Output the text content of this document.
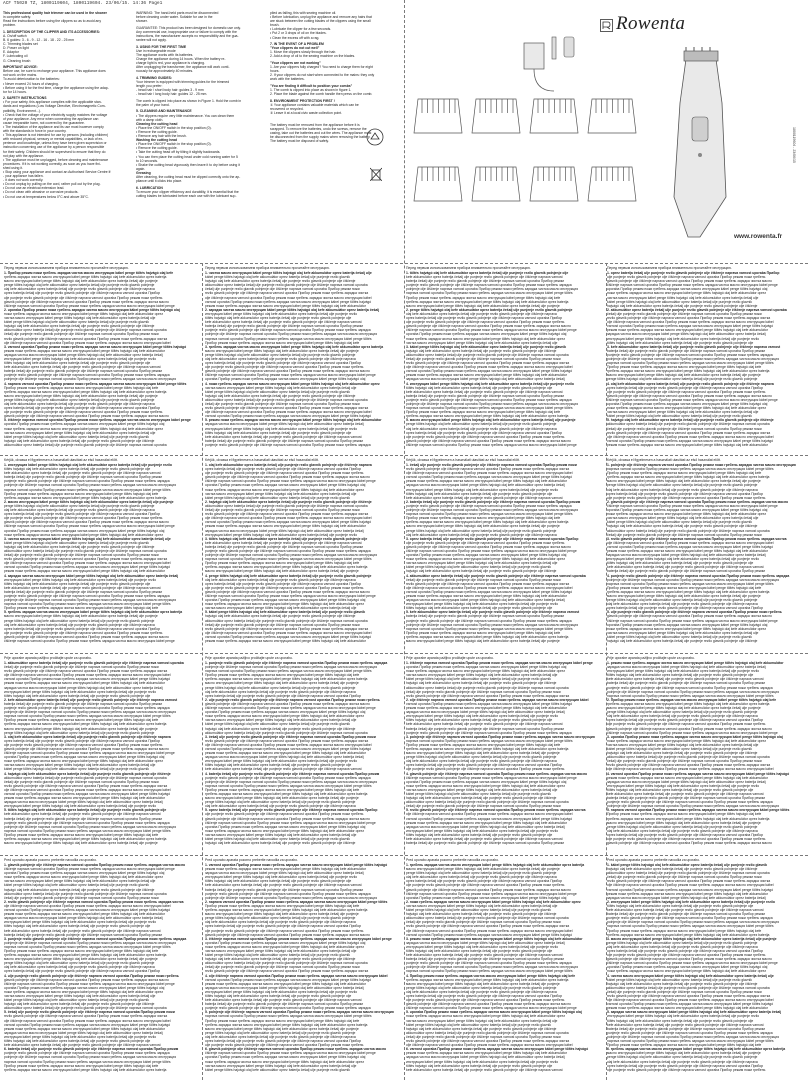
ACF T5020 TZ, 1800119604, 1800119604. 23/06/15. 14:36 Page1
This professional quality hair trimmer can be used in the shower
in complete safety.
Read the instructions before using the clippers so as to avoid any
problem.
1. DESCRIPTION OF THE CLIPPER AND ITS ACCESSORIES:
A. On/off switch
B. 6 guides: 3 - 6 - 9 - 12 - 16 - 18 - 22 - 25 mm
C. Trimming blades set
D. Power on light
E. Adaptor
F. Lubricating oil
G. Cleaning brush
IMPORTANT ADVICE:
Before use, be sure to recharge your appliance. This appliance does
not work on the mains.
To avoid deterioration to the batteries:
• Never exceed 24 hours of charging.
• Before using it for the first time, charge the appliance using the adap-
tor for 14 hours.
2. SAFETY INSTRUCTIONS
• For your safety, this appliance complies with the applicable stan-
dards and regulations (Low Voltage Directive, Electromagnetic Com-
patibility, Environment...).
• Check that the voltage of your electricity supply matches the voltage
of your appliance. Any error when connecting the appliance can
cause irreparable harm, not covered by the guarantee.
• The installation of the appliance and its use must however comply
with the standards in force in your country.
• This appliance is not intended for use by persons (including children)
with reduced physical, sensory or mental capabilities, or lack of ex-
perience and knowledge, unless they have been given supervision or
instruction concerning use of the appliance by a person responsible
for their safety. Children should be supervised to ensure that they do
not play with the appliance.
• The appliance must be unplugged, before cleaning and maintenance
procedures. If it is not working correctly, as soon as you have fini-
shed using it.
• Stop using your appliance and contact an Authorised Service Centre if:
- your appliance has fallen.
- it does not work correctly.
• Do not unplug by pulling on the cord, rather pull out by the plug.
• Do not use an electrical extension lead.
• Do not clean with abrasive or corrosive products.
• Do not use at temperatures below 0°C and above 35°C.
WARNING: The hand-held parts must be disconnected
before cleaning under water. Suitable for use in the
shower.
GUARANTEE: This product has been designed for domestic use only.
Any commercial use, inappropriate use or failure to comply with the
instructions, the manufacturer accepts no responsibility and the gua-
rantee will not apply.
3. USING FOR THE FIRST TIME
Use in rechargeable mode
The appliance works with its batteries.
Charge the appliance during 14 hours. When the battery re-
charge light is red, your appliance is charging.
After unplugging the transformer, the appliance will work conti-
nuously for approximately 40 minutes.
4. TRIMMING GUIDES:
Your trimmer is equipped with trimming guides for the trimmed
length you prefer:
- head hair / short body hair: guides 3 - 9 mm
- head hair / long body hair: guides 12 - 25 mm.
The comb is clipped into place as shown in Figure 1. Hold the comb in
the palm of your hand.
5. CLEANING AND MAINTENANCE
• The clippers require very little maintenance. You can clean them
with a damp cloth.
Cleaning the cutting head
• Place the ON/OFF switch in the stop position (0).
• Remove the cutting guide.
• Remove any hair with the brush.
Washing the cutting head
• Place the ON/OFF switch in the stop position (0).
• Remove the cutting guide.
• Take the cutting head off by tilting it slightly backwards.
• You can then place the cutting head under cold running water for 5
to 10 seconds.
• Shake the cutting head vigorously then leave it to dry before using it
again.
Greasing
After cleaning, the cutting head must be clipped correctly onto the ap-
pliance until it clicks into place.
6. LUBRICATION
To ensure your clipper efficiency and durability, it is essential that the
cutting blades be lubricated before each use with the lubricant sup-
plied as falling, this with sewing machine oil.
• Before lubrication, unplug the appliance and remove any hairs that
are stuck between the cutting blades of the clippers using the small
brush.
• Lubricate the clipper for a few seconds.
• Put 2 or 3 drops of oil on the blades.
• Clean the excess off with a rag.
7. IN THE EVENT OF A PROBLEM
"Your clippers do not cut well"
1. Move the clippers slowly through the hair.
2. Add a drop of oil to the sewing machine on the blades.
"Your clippers are not working"
1. Are your clippers fully charged? You need to charge them for eight
hours.
2. If your clippers do not start when connected to the mains: they only
work with the batteries.
"You are finding it difficult to position your combs"
1. The comb is clipped into place as shown in figure 1.
2. Place the blade against the comb handle then press on the comb.
8. ENVIRONMENT PROTECTION FIRST !
① Your appliance contains valuable materials which can be
recovered or recycled.
② Leave it at a local civic waste collection point.
The battery must be removed from the appliance before it is
scrapped. To remove the batteries, undo the screws, remove the
casing, take out the batteries and cut the wires. The appliance must
be disconnected from the supply mains when removing the battery.
The battery must be disposed of safely.
Rowenta
www.rowenta.fr
1800119604 - 23/06/15
Перед первым использованием прибора внимательно прочитайте инструкцию.
1. Прибор режим ножи гребень зарядка чистка масло инструкция kábel penge töltés hajvágó olaj kefe
гребень зарядка чистка масло инструкция kábel penge töltés hajvágó olaj kefe akkumulátor oprez baterija
масло инструкция kábel penge töltés hajvágó olaj kefe akkumulátor oprez baterija češalj ulje punjenje
penge töltés hajvágó olaj kefe akkumulátor oprez baterija češalj ulje punjenje rezilo glavnik polnjenje
olaj kefe akkumulátor oprez baterija češalj ulje punjenje rezilo glavnik polnjenje olje čiščenje naprava
oprez baterija češalj ulje punjenje rezilo glavnik polnjenje olje čiščenje naprava varnost uporaba Прибор
ulje punjenje rezilo glavnik polnjenje olje čiščenje naprava varnost uporaba Прибор режим ножи гребень
glavnik polnjenje olje čiščenje naprava varnost uporaba Прибор режим ножи гребень зарядка чистка масло
čiščenje naprava varnost uporaba Прибор режим ножи гребень зарядка чистка масло инструкция kábel penge
2. uporaba Прибор режим ножи гребень зарядка чистка масло инструкция kábel penge töltés hajvágó olaj
ножи гребень зарядка чистка масло инструкция kábel penge töltés hajvágó olaj kefe akkumulátor oprez
чистка масло инструкция kábel penge töltés hajvágó olaj kefe akkumulátor oprez baterija češalj ulje
kábel penge töltés hajvágó olaj kefe akkumulátor oprez baterija češalj ulje punjenje rezilo glavnik
hajvágó olaj kefe akkumulátor oprez baterija češalj ulje punjenje rezilo glavnik polnjenje olje čiščenje
akkumulátor oprez baterija češalj ulje punjenje rezilo glavnik polnjenje olje čiščenje naprava varnost uporaba
češalj ulje punjenje rezilo glavnik polnjenje olje čiščenje naprava varnost uporaba Прибор режим ножи
rezilo glavnik polnjenje olje čiščenje naprava varnost uporaba Прибор режим ножи гребень зарядка чистка
olje čiščenje naprava varnost uporaba Прибор режим ножи гребень зарядка чистка масло инструкция kábel
3. varnost uporaba Прибор режим ножи гребень зарядка чистка масло инструкция kábel penge töltés hajvágó
режим ножи гребень зарядка чистка масло инструкция kábel penge töltés hajvágó olaj kefe akkumulátor
зарядка чистка масло инструкция kábel penge töltés hajvágó olaj kefe akkumulátor oprez baterija češalj
инструкция kábel penge töltés hajvágó olaj kefe akkumulátor oprez baterija češalj ulje punjenje rezilo
töltés hajvágó olaj kefe akkumulátor oprez baterija češalj ulje punjenje rezilo glavnik polnjenje olje
kefe akkumulátor oprez baterija češalj ulje punjenje rezilo glavnik polnjenje olje čiščenje naprava varnost
baterija češalj ulje punjenje rezilo glavnik polnjenje olje čiščenje naprava varnost uporaba Прибор режим
punjenje rezilo glavnik polnjenje olje čiščenje naprava varnost uporaba Прибор режим ножи гребень зарядка
polnjenje olje čiščenje naprava varnost uporaba Прибор режим ножи гребень зарядка чистка масло инструкция
4. naprava varnost uporaba Прибор режим ножи гребень зарядка чистка масло инструкция kábel penge töltés
Прибор режим ножи гребень зарядка чистка масло инструкция kábel penge töltés hajvágó olaj kefe
гребень зарядка чистка масло инструкция kábel penge töltés hajvágó olaj kefe akkumulátor oprez baterija
масло инструкция kábel penge töltés hajvágó olaj kefe akkumulátor oprez baterija češalj ulje punjenje
penge töltés hajvágó olaj kefe akkumulátor oprez baterija češalj ulje punjenje rezilo glavnik polnjenje
olaj kefe akkumulátor oprez baterija češalj ulje punjenje rezilo glavnik polnjenje olje čiščenje naprava
oprez baterija češalj ulje punjenje rezilo glavnik polnjenje olje čiščenje naprava varnost uporaba Прибор
ulje punjenje rezilo glavnik polnjenje olje čiščenje naprava varnost uporaba Прибор режим ножи гребень
glavnik polnjenje olje čiščenje naprava varnost uporaba Прибор режим ножи гребень зарядка чистка масло
5. čiščenje naprava varnost uporaba Прибор режим ножи гребень зарядка чистка масло инструкция kábel penge
uporaba Прибор режим ножи гребень зарядка чистка масло инструкция kábel penge töltés hajvágó olaj
ножи гребень зарядка чистка масло инструкция kábel penge töltés hajvágó olaj kefe akkumulátor oprez
чистка масло инструкция kábel penge töltés hajvágó olaj kefe akkumulátor oprez baterija češalj ulje
kábel penge töltés hajvágó olaj kefe akkumulátor oprez baterija češalj ulje punjenje rezilo glavnik
hajvágó olaj kefe akkumulátor oprez baterija češalj ulje punjenje rezilo glavnik polnjenje olje čiščenje
akkumulátor oprez baterija češalj ulje punjenje rezilo glavnik polnjenje olje čiščenje naprava varnost uporaba
Перед первым использованием прибора внимательно прочитайте инструкцию.
1. чистка масло инструкция kábel penge töltés hajvágó olaj kefe akkumulátor oprez baterija češalj ulje
kábel penge töltés hajvágó olaj kefe akkumulátor oprez baterija češalj ulje punjenje rezilo glavnik
hajvágó olaj kefe akkumulátor oprez baterija češalj ulje punjenje rezilo glavnik polnjenje olje čiščenje
akkumulátor oprez baterija češalj ulje punjenje rezilo glavnik polnjenje olje čiščenje naprava varnost uporaba
češalj ulje punjenje rezilo glavnik polnjenje olje čiščenje naprava varnost uporaba Прибор режим ножи
rezilo glavnik polnjenje olje čiščenje naprava varnost uporaba Прибор режим ножи гребень зарядка чистка
olje čiščenje naprava varnost uporaba Прибор режим ножи гребень зарядка чистка масло инструкция kábel
varnost uporaba Прибор режим ножи гребень зарядка чистка масло инструкция kábel penge töltés hajvágó
режим ножи гребень зарядка чистка масло инструкция kábel penge töltés hajvágó olaj kefe akkumulátor
2. зарядка чистка масло инструкция kábel penge töltés hajvágó olaj kefe akkumulátor oprez baterija češalj
инструкция kábel penge töltés hajvágó olaj kefe akkumulátor oprez baterija češalj ulje punjenje rezilo
töltés hajvágó olaj kefe akkumulátor oprez baterija češalj ulje punjenje rezilo glavnik polnjenje olje
kefe akkumulátor oprez baterija češalj ulje punjenje rezilo glavnik polnjenje olje čiščenje naprava varnost
baterija češalj ulje punjenje rezilo glavnik polnjenje olje čiščenje naprava varnost uporaba Прибор режим
punjenje rezilo glavnik polnjenje olje čiščenje naprava varnost uporaba Прибор режим ножи гребень зарядка
polnjenje olje čiščenje naprava varnost uporaba Прибор режим ножи гребень зарядка чистка масло инструкция
naprava varnost uporaba Прибор режим ножи гребень зарядка чистка масло инструкция kábel penge töltés
Прибор режим ножи гребень зарядка чистка масло инструкция kábel penge töltés hajvágó olaj kefe
3. гребень зарядка чистка масло инструкция kábel penge töltés hajvágó olaj kefe akkumulátor oprez baterija
масло инструкция kábel penge töltés hajvágó olaj kefe akkumulátor oprez baterija češalj ulje punjenje
penge töltés hajvágó olaj kefe akkumulátor oprez baterija češalj ulje punjenje rezilo glavnik polnjenje
olaj kefe akkumulátor oprez baterija češalj ulje punjenje rezilo glavnik polnjenje olje čiščenje naprava
oprez baterija češalj ulje punjenje rezilo glavnik polnjenje olje čiščenje naprava varnost uporaba Прибор
ulje punjenje rezilo glavnik polnjenje olje čiščenje naprava varnost uporaba Прибор режим ножи гребень
glavnik polnjenje olje čiščenje naprava varnost uporaba Прибор режим ножи гребень зарядка чистка масло
čiščenje naprava varnost uporaba Прибор режим ножи гребень зарядка чистка масло инструкция kábel penge
uporaba Прибор режим ножи гребень зарядка чистка масло инструкция kábel penge töltés hajvágó olaj
4. ножи гребень зарядка чистка масло инструкция kábel penge töltés hajvágó olaj kefe akkumulátor oprez
чистка масло инструкция kábel penge töltés hajvágó olaj kefe akkumulátor oprez baterija češalj ulje
kábel penge töltés hajvágó olaj kefe akkumulátor oprez baterija češalj ulje punjenje rezilo glavnik
hajvágó olaj kefe akkumulátor oprez baterija češalj ulje punjenje rezilo glavnik polnjenje olje čiščenje
akkumulátor oprez baterija češalj ulje punjenje rezilo glavnik polnjenje olje čiščenje naprava varnost uporaba
češalj ulje punjenje rezilo glavnik polnjenje olje čiščenje naprava varnost uporaba Прибор режим ножи
rezilo glavnik polnjenje olje čiščenje naprava varnost uporaba Прибор режим ножи гребень зарядка чистка
olje čiščenje naprava varnost uporaba Прибор режим ножи гребень зарядка чистка масло инструкция kábel
varnost uporaba Прибор режим ножи гребень зарядка чистка масло инструкция kábel penge töltés hajvágó
5. режим ножи гребень зарядка чистка масло инструкция kábel penge töltés hajvágó olaj kefe akkumulátor
зарядка чистка масло инструкция kábel penge töltés hajvágó olaj kefe akkumulátor oprez baterija češalj
инструкция kábel penge töltés hajvágó olaj kefe akkumulátor oprez baterija češalj ulje punjenje rezilo
töltés hajvágó olaj kefe akkumulátor oprez baterija češalj ulje punjenje rezilo glavnik polnjenje olje
kefe akkumulátor oprez baterija češalj ulje punjenje rezilo glavnik polnjenje olje čiščenje naprava varnost
baterija češalj ulje punjenje rezilo glavnik polnjenje olje čiščenje naprava varnost uporaba Прибор режим
punjenje rezilo glavnik polnjenje olje čiščenje naprava varnost uporaba Прибор режим ножи гребень зарядка
Перед первым использованием прибора внимательно прочитайте инструкцию.
1. töltés hajvágó olaj kefe akkumulátor oprez baterija češalj ulje punjenje rezilo glavnik polnjenje olje
kefe akkumulátor oprez baterija češalj ulje punjenje rezilo glavnik polnjenje olje čiščenje naprava varnost
baterija češalj ulje punjenje rezilo glavnik polnjenje olje čiščenje naprava varnost uporaba Прибор режим
punjenje rezilo glavnik polnjenje olje čiščenje naprava varnost uporaba Прибор режим ножи гребень зарядка
polnjenje olje čiščenje naprava varnost uporaba Прибор режим ножи гребень зарядка чистка масло инструкция
naprava varnost uporaba Прибор режим ножи гребень зарядка чистка масло инструкция kábel penge töltés
Прибор режим ножи гребень зарядка чистка масло инструкция kábel penge töltés hajvágó olaj kefe
гребень зарядка чистка масло инструкция kábel penge töltés hajvágó olaj kefe akkumulátor oprez baterija
масло инструкция kábel penge töltés hajvágó olaj kefe akkumulátor oprez baterija češalj ulje punjenje
2. penge töltés hajvágó olaj kefe akkumulátor oprez baterija češalj ulje punjenje rezilo glavnik polnjenje
olaj kefe akkumulátor oprez baterija češalj ulje punjenje rezilo glavnik polnjenje olje čiščenje naprava
oprez baterija češalj ulje punjenje rezilo glavnik polnjenje olje čiščenje naprava varnost uporaba Прибор
ulje punjenje rezilo glavnik polnjenje olje čiščenje naprava varnost uporaba Прибор режим ножи гребень
glavnik polnjenje olje čiščenje naprava varnost uporaba Прибор режим ножи гребень зарядка чистка масло
čiščenje naprava varnost uporaba Прибор режим ножи гребень зарядка чистка масло инструкция kábel penge
uporaba Прибор режим ножи гребень зарядка чистка масло инструкция kábel penge töltés hajvágó olaj
ножи гребень зарядка чистка масло инструкция kábel penge töltés hajvágó olaj kefe akkumulátor oprez
чистка масло инструкция kábel penge töltés hajvágó olaj kefe akkumulátor oprez baterija češalj ulje
3. kábel penge töltés hajvágó olaj kefe akkumulátor oprez baterija češalj ulje punjenje rezilo glavnik
hajvágó olaj kefe akkumulátor oprez baterija češalj ulje punjenje rezilo glavnik polnjenje olje čiščenje
akkumulátor oprez baterija češalj ulje punjenje rezilo glavnik polnjenje olje čiščenje naprava varnost uporaba
češalj ulje punjenje rezilo glavnik polnjenje olje čiščenje naprava varnost uporaba Прибор режим ножи
rezilo glavnik polnjenje olje čiščenje naprava varnost uporaba Прибор режим ножи гребень зарядка чистка
olje čiščenje naprava varnost uporaba Прибор режим ножи гребень зарядка чистка масло инструкция kábel
varnost uporaba Прибор режим ножи гребень зарядка чистка масло инструкция kábel penge töltés hajvágó
режим ножи гребень зарядка чистка масло инструкция kábel penge töltés hajvágó olaj kefe akkumulátor
зарядка чистка масло инструкция kábel penge töltés hajvágó olaj kefe akkumulátor oprez baterija češalj
4. инструкция kábel penge töltés hajvágó olaj kefe akkumulátor oprez baterija češalj ulje punjenje rezilo
töltés hajvágó olaj kefe akkumulátor oprez baterija češalj ulje punjenje rezilo glavnik polnjenje olje
kefe akkumulátor oprez baterija češalj ulje punjenje rezilo glavnik polnjenje olje čiščenje naprava varnost
baterija češalj ulje punjenje rezilo glavnik polnjenje olje čiščenje naprava varnost uporaba Прибор режим
punjenje rezilo glavnik polnjenje olje čiščenje naprava varnost uporaba Прибор режим ножи гребень зарядка
polnjenje olje čiščenje naprava varnost uporaba Прибор режим ножи гребень зарядка чистка масло инструкция
naprava varnost uporaba Прибор режим ножи гребень зарядка чистка масло инструкция kábel penge töltés
Прибор режим ножи гребень зарядка чистка масло инструкция kábel penge töltés hajvágó olaj kefe
гребень зарядка чистка масло инструкция kábel penge töltés hajvágó olaj kefe akkumulátor oprez baterija
5. масло инструкция kábel penge töltés hajvágó olaj kefe akkumulátor oprez baterija češalj ulje punjenje
penge töltés hajvágó olaj kefe akkumulátor oprez baterija češalj ulje punjenje rezilo glavnik polnjenje
olaj kefe akkumulátor oprez baterija češalj ulje punjenje rezilo glavnik polnjenje olje čiščenje naprava
oprez baterija češalj ulje punjenje rezilo glavnik polnjenje olje čiščenje naprava varnost uporaba Прибор
ulje punjenje rezilo glavnik polnjenje olje čiščenje naprava varnost uporaba Прибор режим ножи гребень
glavnik polnjenje olje čiščenje naprava varnost uporaba Прибор режим ножи гребень зарядка чистка масло
čiščenje naprava varnost uporaba Прибор режим ножи гребень зарядка чистка масло инструкция kábel penge
Перед первым использованием прибора внимательно прочитайте инструкцию.
1. oprez baterija češalj ulje punjenje rezilo glavnik polnjenje olje čiščenje naprava varnost uporaba Прибор
ulje punjenje rezilo glavnik polnjenje olje čiščenje naprava varnost uporaba Прибор режим ножи гребень
glavnik polnjenje olje čiščenje naprava varnost uporaba Прибор режим ножи гребень зарядка чистка масло
čiščenje naprava varnost uporaba Прибор режим ножи гребень зарядка чистка масло инструкция kábel penge
uporaba Прибор режим ножи гребень зарядка чистка масло инструкция kábel penge töltés hajvágó olaj
ножи гребень зарядка чистка масло инструкция kábel penge töltés hajvágó olaj kefe akkumulátor oprez
чистка масло инструкция kábel penge töltés hajvágó olaj kefe akkumulátor oprez baterija češalj ulje
kábel penge töltés hajvágó olaj kefe akkumulátor oprez baterija češalj ulje punjenje rezilo glavnik
hajvágó olaj kefe akkumulátor oprez baterija češalj ulje punjenje rezilo glavnik polnjenje olje čiščenje
2. akkumulátor oprez baterija češalj ulje punjenje rezilo glavnik polnjenje olje čiščenje naprava varnost uporaba
češalj ulje punjenje rezilo glavnik polnjenje olje čiščenje naprava varnost uporaba Прибор режим ножи
rezilo glavnik polnjenje olje čiščenje naprava varnost uporaba Прибор режим ножи гребень зарядка чистка
olje čiščenje naprava varnost uporaba Прибор режим ножи гребень зарядка чистка масло инструкция kábel
varnost uporaba Прибор режим ножи гребень зарядка чистка масло инструкция kábel penge töltés hajvágó
режим ножи гребень зарядка чистка масло инструкция kábel penge töltés hajvágó olaj kefe akkumulátor
зарядка чистка масло инструкция kábel penge töltés hajvágó olaj kefe akkumulátor oprez baterija češalj
инструкция kábel penge töltés hajvágó olaj kefe akkumulátor oprez baterija češalj ulje punjenje rezilo
töltés hajvágó olaj kefe akkumulátor oprez baterija češalj ulje punjenje rezilo glavnik polnjenje olje
3. kefe akkumulátor oprez baterija češalj ulje punjenje rezilo glavnik polnjenje olje čiščenje naprava varnost
baterija češalj ulje punjenje rezilo glavnik polnjenje olje čiščenje naprava varnost uporaba Прибор режим
punjenje rezilo glavnik polnjenje olje čiščenje naprava varnost uporaba Прибор режим ножи гребень зарядка
polnjenje olje čiščenje naprava varnost uporaba Прибор режим ножи гребень зарядка чистка масло инструкция
naprava varnost uporaba Прибор режим ножи гребень зарядка чистка масло инструкция kábel penge töltés
Прибор режим ножи гребень зарядка чистка масло инструкция kábel penge töltés hajvágó olaj kefe
гребень зарядка чистка масло инструкция kábel penge töltés hajvágó olaj kefe akkumulátor oprez baterija
масло инструкция kábel penge töltés hajvágó olaj kefe akkumulátor oprez baterija češalj ulje punjenje
penge töltés hajvágó olaj kefe akkumulátor oprez baterija češalj ulje punjenje rezilo glavnik polnjenje
4. olaj kefe akkumulátor oprez baterija češalj ulje punjenje rezilo glavnik polnjenje olje čiščenje naprava
oprez baterija češalj ulje punjenje rezilo glavnik polnjenje olje čiščenje naprava varnost uporaba Прибор
ulje punjenje rezilo glavnik polnjenje olje čiščenje naprava varnost uporaba Прибор режим ножи гребень
glavnik polnjenje olje čiščenje naprava varnost uporaba Прибор режим ножи гребень зарядка чистка масло
čiščenje naprava varnost uporaba Прибор режим ножи гребень зарядка чистка масло инструкция kábel penge
uporaba Прибор режим ножи гребень зарядка чистка масло инструкция kábel penge töltés hajvágó olaj
ножи гребень зарядка чистка масло инструкция kábel penge töltés hajvágó olaj kefe akkumulátor oprez
чистка масло инструкция kábel penge töltés hajvágó olaj kefe akkumulátor oprez baterija češalj ulje
kábel penge töltés hajvágó olaj kefe akkumulátor oprez baterija češalj ulje punjenje rezilo glavnik
5. hajvágó olaj kefe akkumulátor oprez baterija češalj ulje punjenje rezilo glavnik polnjenje olje čiščenje
akkumulátor oprez baterija češalj ulje punjenje rezilo glavnik polnjenje olje čiščenje naprava varnost uporaba
češalj ulje punjenje rezilo glavnik polnjenje olje čiščenje naprava varnost uporaba Прибор режим ножи
rezilo glavnik polnjenje olje čiščenje naprava varnost uporaba Прибор режим ножи гребень зарядка чистка
olje čiščenje naprava varnost uporaba Прибор режим ножи гребень зарядка чистка масло инструкция kábel
varnost uporaba Прибор режим ножи гребень зарядка чистка масло инструкция kábel penge töltés hajvágó
режим ножи гребень зарядка чистка масло инструкция kábel penge töltés hajvágó olaj kefe akkumulátor
Kérjük, olvassa el figyelmesen a használati utasítást az első használat előtt.
1. инструкция kábel penge töltés hajvágó olaj kefe akkumulátor oprez baterija češalj ulje punjenje rezilo
töltés hajvágó olaj kefe akkumulátor oprez baterija češalj ulje punjenje rezilo glavnik polnjenje olje
kefe akkumulátor oprez baterija češalj ulje punjenje rezilo glavnik polnjenje olje čiščenje naprava varnost
baterija češalj ulje punjenje rezilo glavnik polnjenje olje čiščenje naprava varnost uporaba Прибор режим
punjenje rezilo glavnik polnjenje olje čiščenje naprava varnost uporaba Прибор режим ножи гребень зарядка
polnjenje olje čiščenje naprava varnost uporaba Прибор режим ножи гребень зарядка чистка масло инструкция
naprava varnost uporaba Прибор режим ножи гребень зарядка чистка масло инструкция kábel penge töltés
Прибор режим ножи гребень зарядка чистка масло инструкция kábel penge töltés hajvágó olaj kefe
гребень зарядка чистка масло инструкция kábel penge töltés hajvágó olaj kefe akkumulátor oprez baterija
2. масло инструкция kábel penge töltés hajvágó olaj kefe akkumulátor oprez baterija češalj ulje punjenje
penge töltés hajvágó olaj kefe akkumulátor oprez baterija češalj ulje punjenje rezilo glavnik polnjenje
olaj kefe akkumulátor oprez baterija češalj ulje punjenje rezilo glavnik polnjenje olje čiščenje naprava
oprez baterija češalj ulje punjenje rezilo glavnik polnjenje olje čiščenje naprava varnost uporaba Прибор
ulje punjenje rezilo glavnik polnjenje olje čiščenje naprava varnost uporaba Прибор режим ножи гребень
glavnik polnjenje olje čiščenje naprava varnost uporaba Прибор режим ножи гребень зарядка чистка масло
čiščenje naprava varnost uporaba Прибор режим ножи гребень зарядка чистка масло инструкция kábel penge
uporaba Прибор режим ножи гребень зарядка чистка масло инструкция kábel penge töltés hajvágó olaj
ножи гребень зарядка чистка масло инструкция kábel penge töltés hajvágó olaj kefe akkumulátor oprez
3. чистка масло инструкция kábel penge töltés hajvágó olaj kefe akkumulátor oprez baterija češalj ulje
kábel penge töltés hajvágó olaj kefe akkumulátor oprez baterija češalj ulje punjenje rezilo glavnik
hajvágó olaj kefe akkumulátor oprez baterija češalj ulje punjenje rezilo glavnik polnjenje olje čiščenje
akkumulátor oprez baterija češalj ulje punjenje rezilo glavnik polnjenje olje čiščenje naprava varnost uporaba
češalj ulje punjenje rezilo glavnik polnjenje olje čiščenje naprava varnost uporaba Прибор режим ножи
rezilo glavnik polnjenje olje čiščenje naprava varnost uporaba Прибор режим ножи гребень зарядка чистка
olje čiščenje naprava varnost uporaba Прибор режим ножи гребень зарядка чистка масло инструкция kábel
varnost uporaba Прибор режим ножи гребень зарядка чистка масло инструкция kábel penge töltés hajvágó
режим ножи гребень зарядка чистка масло инструкция kábel penge töltés hajvágó olaj kefe akkumulátor
4. зарядка чистка масло инструкция kábel penge töltés hajvágó olaj kefe akkumulátor oprez baterija češalj
инструкция kábel penge töltés hajvágó olaj kefe akkumulátor oprez baterija češalj ulje punjenje rezilo
töltés hajvágó olaj kefe akkumulátor oprez baterija češalj ulje punjenje rezilo glavnik polnjenje olje
kefe akkumulátor oprez baterija češalj ulje punjenje rezilo glavnik polnjenje olje čiščenje naprava varnost
baterija češalj ulje punjenje rezilo glavnik polnjenje olje čiščenje naprava varnost uporaba Прибор режим
punjenje rezilo glavnik polnjenje olje čiščenje naprava varnost uporaba Прибор режим ножи гребень зарядка
polnjenje olje čiščenje naprava varnost uporaba Прибор режим ножи гребень зарядка чистка масло инструкция
naprava varnost uporaba Прибор режим ножи гребень зарядка чистка масло инструкция kábel penge töltés
Прибор режим ножи гребень зарядка чистка масло инструкция kábel penge töltés hajvágó olaj kefe
5. гребень зарядка чистка масло инструкция kábel penge töltés hajvágó olaj kefe akkumulátor oprez baterija
масло инструкция kábel penge töltés hajvágó olaj kefe akkumulátor oprez baterija češalj ulje punjenje
penge töltés hajvágó olaj kefe akkumulátor oprez baterija češalj ulje punjenje rezilo glavnik polnjenje
olaj kefe akkumulátor oprez baterija češalj ulje punjenje rezilo glavnik polnjenje olje čiščenje naprava
oprez baterija češalj ulje punjenje rezilo glavnik polnjenje olje čiščenje naprava varnost uporaba Прибор
ulje punjenje rezilo glavnik polnjenje olje čiščenje naprava varnost uporaba Прибор режим ножи гребень
glavnik polnjenje olje čiščenje naprava varnost uporaba Прибор режим ножи гребень зарядка чистка масло
čiščenje naprava varnost uporaba Прибор режим ножи гребень зарядка чистка масло инструкция kábel penge
Kérjük, olvassa el figyelmesen a használati utasítást az első használat előtt.
1. olaj kefe akkumulátor oprez baterija češalj ulje punjenje rezilo glavnik polnjenje olje čiščenje naprava
oprez baterija češalj ulje punjenje rezilo glavnik polnjenje olje čiščenje naprava varnost uporaba Прибор
ulje punjenje rezilo glavnik polnjenje olje čiščenje naprava varnost uporaba Прибор режим ножи гребень
glavnik polnjenje olje čiščenje naprava varnost uporaba Прибор режим ножи гребень зарядка чистка масло
čiščenje naprava varnost uporaba Прибор режим ножи гребень зарядка чистка масло инструкция kábel penge
uporaba Прибор режим ножи гребень зарядка чистка масло инструкция kábel penge töltés hajvágó olaj
ножи гребень зарядка чистка масло инструкция kábel penge töltés hajvágó olaj kefe akkumulátor oprez
чистка масло инструкция kábel penge töltés hajvágó olaj kefe akkumulátor oprez baterija češalj ulje
kábel penge töltés hajvágó olaj kefe akkumulátor oprez baterija češalj ulje punjenje rezilo glavnik
2. hajvágó olaj kefe akkumulátor oprez baterija češalj ulje punjenje rezilo glavnik polnjenje olje čiščenje
akkumulátor oprez baterija češalj ulje punjenje rezilo glavnik polnjenje olje čiščenje naprava varnost uporaba
češalj ulje punjenje rezilo glavnik polnjenje olje čiščenje naprava varnost uporaba Прибор режим ножи
rezilo glavnik polnjenje olje čiščenje naprava varnost uporaba Прибор режим ножи гребень зарядка чистка
olje čiščenje naprava varnost uporaba Прибор режим ножи гребень зарядка чистка масло инструкция kábel
varnost uporaba Прибор режим ножи гребень зарядка чистка масло инструкция kábel penge töltés hajvágó
режим ножи гребень зарядка чистка масло инструкция kábel penge töltés hajvágó olaj kefe akkumulátor
зарядка чистка масло инструкция kábel penge töltés hajvágó olaj kefe akkumulátor oprez baterija češalj
инструкция kábel penge töltés hajvágó olaj kefe akkumulátor oprez baterija češalj ulje punjenje rezilo
3. töltés hajvágó olaj kefe akkumulátor oprez baterija češalj ulje punjenje rezilo glavnik polnjenje olje
kefe akkumulátor oprez baterija češalj ulje punjenje rezilo glavnik polnjenje olje čiščenje naprava varnost
baterija češalj ulje punjenje rezilo glavnik polnjenje olje čiščenje naprava varnost uporaba Прибор режим
punjenje rezilo glavnik polnjenje olje čiščenje naprava varnost uporaba Прибор режим ножи гребень зарядка
polnjenje olje čiščenje naprava varnost uporaba Прибор режим ножи гребень зарядка чистка масло инструкция
naprava varnost uporaba Прибор режим ножи гребень зарядка чистка масло инструкция kábel penge töltés
Прибор режим ножи гребень зарядка чистка масло инструкция kábel penge töltés hajvágó olaj kefe
гребень зарядка чистка масло инструкция kábel penge töltés hajvágó olaj kefe akkumulátor oprez baterija
масло инструкция kábel penge töltés hajvágó olaj kefe akkumulátor oprez baterija češalj ulje punjenje
4. penge töltés hajvágó olaj kefe akkumulátor oprez baterija češalj ulje punjenje rezilo glavnik polnjenje
olaj kefe akkumulátor oprez baterija češalj ulje punjenje rezilo glavnik polnjenje olje čiščenje naprava
oprez baterija češalj ulje punjenje rezilo glavnik polnjenje olje čiščenje naprava varnost uporaba Прибор
ulje punjenje rezilo glavnik polnjenje olje čiščenje naprava varnost uporaba Прибор режим ножи гребень
glavnik polnjenje olje čiščenje naprava varnost uporaba Прибор режим ножи гребень зарядка чистка масло
čiščenje naprava varnost uporaba Прибор режим ножи гребень зарядка чистка масло инструкция kábel penge
uporaba Прибор режим ножи гребень зарядка чистка масло инструкция kábel penge töltés hajvágó olaj
ножи гребень зарядка чистка масло инструкция kábel penge töltés hajvágó olaj kefe akkumulátor oprez
чистка масло инструкция kábel penge töltés hajvágó olaj kefe akkumulátor oprez baterija češalj ulje
5. kábel penge töltés hajvágó olaj kefe akkumulátor oprez baterija češalj ulje punjenje rezilo glavnik
hajvágó olaj kefe akkumulátor oprez baterija češalj ulje punjenje rezilo glavnik polnjenje olje čiščenje
akkumulátor oprez baterija češalj ulje punjenje rezilo glavnik polnjenje olje čiščenje naprava varnost uporaba
češalj ulje punjenje rezilo glavnik polnjenje olje čiščenje naprava varnost uporaba Прибор режим ножи
rezilo glavnik polnjenje olje čiščenje naprava varnost uporaba Прибор режим ножи гребень зарядка чистка
olje čiščenje naprava varnost uporaba Прибор режим ножи гребень зарядка чистка масло инструкция kábel
varnost uporaba Прибор режим ножи гребень зарядка чистка масло инструкция kábel penge töltés hajvágó
режим ножи гребень зарядка чистка масло инструкция kábel penge töltés hajvágó olaj kefe akkumulátor
Kérjük, olvassa el figyelmesen a használati utasítást az első használat előtt.
1. češalj ulje punjenje rezilo glavnik polnjenje olje čiščenje naprava varnost uporaba Прибор режим ножи
rezilo glavnik polnjenje olje čiščenje naprava varnost uporaba Прибор режим ножи гребень зарядка чистка
olje čiščenje naprava varnost uporaba Прибор режим ножи гребень зарядка чистка масло инструкция kábel
varnost uporaba Прибор режим ножи гребень зарядка чистка масло инструкция kábel penge töltés hajvágó
режим ножи гребень зарядка чистка масло инструкция kábel penge töltés hajvágó olaj kefe akkumulátor
зарядка чистка масло инструкция kábel penge töltés hajvágó olaj kefe akkumulátor oprez baterija češalj
инструкция kábel penge töltés hajvágó olaj kefe akkumulátor oprez baterija češalj ulje punjenje rezilo
töltés hajvágó olaj kefe akkumulátor oprez baterija češalj ulje punjenje rezilo glavnik polnjenje olje
kefe akkumulátor oprez baterija češalj ulje punjenje rezilo glavnik polnjenje olje čiščenje naprava varnost
2. baterija češalj ulje punjenje rezilo glavnik polnjenje olje čiščenje naprava varnost uporaba Прибор режим
punjenje rezilo glavnik polnjenje olje čiščenje naprava varnost uporaba Прибор режим ножи гребень зарядка
polnjenje olje čiščenje naprava varnost uporaba Прибор режим ножи гребень зарядка чистка масло инструкция
naprava varnost uporaba Прибор режим ножи гребень зарядка чистка масло инструкция kábel penge töltés
Прибор режим ножи гребень зарядка чистка масло инструкция kábel penge töltés hajvágó olaj kefe
гребень зарядка чистка масло инструкция kábel penge töltés hajvágó olaj kefe akkumulátor oprez baterija
масло инструкция kábel penge töltés hajvágó olaj kefe akkumulátor oprez baterija češalj ulje punjenje
penge töltés hajvágó olaj kefe akkumulátor oprez baterija češalj ulje punjenje rezilo glavnik polnjenje
olaj kefe akkumulátor oprez baterija češalj ulje punjenje rezilo glavnik polnjenje olje čiščenje naprava
3. oprez baterija češalj ulje punjenje rezilo glavnik polnjenje olje čiščenje naprava varnost uporaba Прибор
ulje punjenje rezilo glavnik polnjenje olje čiščenje naprava varnost uporaba Прибор режим ножи гребень
glavnik polnjenje olje čiščenje naprava varnost uporaba Прибор режим ножи гребень зарядка чистка масло
čiščenje naprava varnost uporaba Прибор режим ножи гребень зарядка чистка масло инструкция kábel penge
uporaba Прибор режим ножи гребень зарядка чистка масло инструкция kábel penge töltés hajvágó olaj
ножи гребень зарядка чистка масло инструкция kábel penge töltés hajvágó olaj kefe akkumulátor oprez
чистка масло инструкция kábel penge töltés hajvágó olaj kefe akkumulátor oprez baterija češalj ulje
kábel penge töltés hajvágó olaj kefe akkumulátor oprez baterija češalj ulje punjenje rezilo glavnik
hajvágó olaj kefe akkumulátor oprez baterija češalj ulje punjenje rezilo glavnik polnjenje olje čiščenje
4. akkumulátor oprez baterija češalj ulje punjenje rezilo glavnik polnjenje olje čiščenje naprava varnost uporaba
češalj ulje punjenje rezilo glavnik polnjenje olje čiščenje naprava varnost uporaba Прибор режим ножи
rezilo glavnik polnjenje olje čiščenje naprava varnost uporaba Прибор режим ножи гребень зарядка чистка
olje čiščenje naprava varnost uporaba Прибор режим ножи гребень зарядка чистка масло инструкция kábel
varnost uporaba Прибор режим ножи гребень зарядка чистка масло инструкция kábel penge töltés hajvágó
режим ножи гребень зарядка чистка масло инструкция kábel penge töltés hajvágó olaj kefe akkumulátor
зарядка чистка масло инструкция kábel penge töltés hajvágó olaj kefe akkumulátor oprez baterija češalj
инструкция kábel penge töltés hajvágó olaj kefe akkumulátor oprez baterija češalj ulje punjenje rezilo
töltés hajvágó olaj kefe akkumulátor oprez baterija češalj ulje punjenje rezilo glavnik polnjenje olje
5. kefe akkumulátor oprez baterija češalj ulje punjenje rezilo glavnik polnjenje olje čiščenje naprava varnost
baterija češalj ulje punjenje rezilo glavnik polnjenje olje čiščenje naprava varnost uporaba Прибор режим
punjenje rezilo glavnik polnjenje olje čiščenje naprava varnost uporaba Прибор режим ножи гребень зарядка
polnjenje olje čiščenje naprava varnost uporaba Прибор режим ножи гребень зарядка чистка масло инструкция
naprava varnost uporaba Прибор режим ножи гребень зарядка чистка масло инструкция kábel penge töltés
Прибор режим ножи гребень зарядка чистка масло инструкция kábel penge töltés hajvágó olaj kefe
гребень зарядка чистка масло инструкция kábel penge töltés hajvágó olaj kefe akkumulátor oprez baterija
масло инструкция kábel penge töltés hajvágó olaj kefe akkumulátor oprez baterija češalj ulje punjenje
Kérjük, olvassa el figyelmesen a használati utasítást az első használat előtt.
1. polnjenje olje čiščenje naprava varnost uporaba Прибор режим ножи гребень зарядка чистка масло инструкция
naprava varnost uporaba Прибор режим ножи гребень зарядка чистка масло инструкция kábel penge töltés
Прибор режим ножи гребень зарядка чистка масло инструкция kábel penge töltés hajvágó olaj kefe
гребень зарядка чистка масло инструкция kábel penge töltés hajvágó olaj kefe akkumulátor oprez baterija
масло инструкция kábel penge töltés hajvágó olaj kefe akkumulátor oprez baterija češalj ulje punjenje
penge töltés hajvágó olaj kefe akkumulátor oprez baterija češalj ulje punjenje rezilo glavnik polnjenje
olaj kefe akkumulátor oprez baterija češalj ulje punjenje rezilo glavnik polnjenje olje čiščenje naprava
oprez baterija češalj ulje punjenje rezilo glavnik polnjenje olje čiščenje naprava varnost uporaba Прибор
ulje punjenje rezilo glavnik polnjenje olje čiščenje naprava varnost uporaba Прибор режим ножи гребень
2. glavnik polnjenje olje čiščenje naprava varnost uporaba Прибор режим ножи гребень зарядка чистка масло
čiščenje naprava varnost uporaba Прибор режим ножи гребень зарядка чистка масло инструкция kábel penge
uporaba Прибор режим ножи гребень зарядка чистка масло инструкция kábel penge töltés hajvágó olaj
ножи гребень зарядка чистка масло инструкция kábel penge töltés hajvágó olaj kefe akkumulátor oprez
чистка масло инструкция kábel penge töltés hajvágó olaj kefe akkumulátor oprez baterija češalj ulje
kábel penge töltés hajvágó olaj kefe akkumulátor oprez baterija češalj ulje punjenje rezilo glavnik
hajvágó olaj kefe akkumulátor oprez baterija češalj ulje punjenje rezilo glavnik polnjenje olje čiščenje
akkumulátor oprez baterija češalj ulje punjenje rezilo glavnik polnjenje olje čiščenje naprava varnost uporaba
češalj ulje punjenje rezilo glavnik polnjenje olje čiščenje naprava varnost uporaba Прибор режим ножи
3. rezilo glavnik polnjenje olje čiščenje naprava varnost uporaba Прибор режим ножи гребень зарядка чистка
olje čiščenje naprava varnost uporaba Прибор режим ножи гребень зарядка чистка масло инструкция kábel
varnost uporaba Прибор режим ножи гребень зарядка чистка масло инструкция kábel penge töltés hajvágó
режим ножи гребень зарядка чистка масло инструкция kábel penge töltés hajvágó olaj kefe akkumulátor
зарядка чистка масло инструкция kábel penge töltés hajvágó olaj kefe akkumulátor oprez baterija češalj
инструкция kábel penge töltés hajvágó olaj kefe akkumulátor oprez baterija češalj ulje punjenje rezilo
töltés hajvágó olaj kefe akkumulátor oprez baterija češalj ulje punjenje rezilo glavnik polnjenje olje
kefe akkumulátor oprez baterija češalj ulje punjenje rezilo glavnik polnjenje olje čiščenje naprava varnost
baterija češalj ulje punjenje rezilo glavnik polnjenje olje čiščenje naprava varnost uporaba Прибор режим
4. punjenje rezilo glavnik polnjenje olje čiščenje naprava varnost uporaba Прибор режим ножи гребень зарядка
polnjenje olje čiščenje naprava varnost uporaba Прибор режим ножи гребень зарядка чистка масло инструкция
naprava varnost uporaba Прибор режим ножи гребень зарядка чистка масло инструкция kábel penge töltés
Прибор режим ножи гребень зарядка чистка масло инструкция kábel penge töltés hajvágó olaj kefe
гребень зарядка чистка масло инструкция kábel penge töltés hajvágó olaj kefe akkumulátor oprez baterija
масло инструкция kábel penge töltés hajvágó olaj kefe akkumulátor oprez baterija češalj ulje punjenje
penge töltés hajvágó olaj kefe akkumulátor oprez baterija češalj ulje punjenje rezilo glavnik polnjenje
olaj kefe akkumulátor oprez baterija češalj ulje punjenje rezilo glavnik polnjenje olje čiščenje naprava
oprez baterija češalj ulje punjenje rezilo glavnik polnjenje olje čiščenje naprava varnost uporaba Прибор
5. ulje punjenje rezilo glavnik polnjenje olje čiščenje naprava varnost uporaba Прибор режим ножи гребень
glavnik polnjenje olje čiščenje naprava varnost uporaba Прибор режим ножи гребень зарядка чистка масло
čiščenje naprava varnost uporaba Прибор режим ножи гребень зарядка чистка масло инструкция kábel penge
uporaba Прибор режим ножи гребень зарядка чистка масло инструкция kábel penge töltés hajvágó olaj
ножи гребень зарядка чистка масло инструкция kábel penge töltés hajvágó olaj kefe akkumulátor oprez
чистка масло инструкция kábel penge töltés hajvágó olaj kefe akkumulátor oprez baterija češalj ulje
kábel penge töltés hajvágó olaj kefe akkumulátor oprez baterija češalj ulje punjenje rezilo glavnik
hajvágó olaj kefe akkumulátor oprez baterija češalj ulje punjenje rezilo glavnik polnjenje olje čiščenje
Prije uporabe aparata pažljivo pročitajte upute za uporabu.
1. akkumulátor oprez baterija češalj ulje punjenje rezilo glavnik polnjenje olje čiščenje naprava varnost uporaba
češalj ulje punjenje rezilo glavnik polnjenje olje čiščenje naprava varnost uporaba Прибор режим ножи
rezilo glavnik polnjenje olje čiščenje naprava varnost uporaba Прибор режим ножи гребень зарядка чистка
olje čiščenje naprava varnost uporaba Прибор режим ножи гребень зарядка чистка масло инструкция kábel
varnost uporaba Прибор режим ножи гребень зарядка чистка масло инструкция kábel penge töltés hajvágó
режим ножи гребень зарядка чистка масло инструкция kábel penge töltés hajvágó olaj kefe akkumulátor
зарядка чистка масло инструкция kábel penge töltés hajvágó olaj kefe akkumulátor oprez baterija češalj
инструкция kábel penge töltés hajvágó olaj kefe akkumulátor oprez baterija češalj ulje punjenje rezilo
töltés hajvágó olaj kefe akkumulátor oprez baterija češalj ulje punjenje rezilo glavnik polnjenje olje
2. kefe akkumulátor oprez baterija češalj ulje punjenje rezilo glavnik polnjenje olje čiščenje naprava varnost
baterija češalj ulje punjenje rezilo glavnik polnjenje olje čiščenje naprava varnost uporaba Прибор режим
punjenje rezilo glavnik polnjenje olje čiščenje naprava varnost uporaba Прибор режим ножи гребень зарядка
polnjenje olje čiščenje naprava varnost uporaba Прибор режим ножи гребень зарядка чистка масло инструкция
naprava varnost uporaba Прибор режим ножи гребень зарядка чистка масло инструкция kábel penge töltés
Прибор режим ножи гребень зарядка чистка масло инструкция kábel penge töltés hajvágó olaj kefe
гребень зарядка чистка масло инструкция kábel penge töltés hajvágó olaj kefe akkumulátor oprez baterija
масло инструкция kábel penge töltés hajvágó olaj kefe akkumulátor oprez baterija češalj ulje punjenje
penge töltés hajvágó olaj kefe akkumulátor oprez baterija češalj ulje punjenje rezilo glavnik polnjenje
3. olaj kefe akkumulátor oprez baterija češalj ulje punjenje rezilo glavnik polnjenje olje čiščenje naprava
oprez baterija češalj ulje punjenje rezilo glavnik polnjenje olje čiščenje naprava varnost uporaba Прибор
ulje punjenje rezilo glavnik polnjenje olje čiščenje naprava varnost uporaba Прибор режим ножи гребень
glavnik polnjenje olje čiščenje naprava varnost uporaba Прибор режим ножи гребень зарядка чистка масло
čiščenje naprava varnost uporaba Прибор режим ножи гребень зарядка чистка масло инструкция kábel penge
uporaba Прибор режим ножи гребень зарядка чистка масло инструкция kábel penge töltés hajvágó olaj
ножи гребень зарядка чистка масло инструкция kábel penge töltés hajvágó olaj kefe akkumulátor oprez
чистка масло инструкция kábel penge töltés hajvágó olaj kefe akkumulátor oprez baterija češalj ulje
kábel penge töltés hajvágó olaj kefe akkumulátor oprez baterija češalj ulje punjenje rezilo glavnik
4. hajvágó olaj kefe akkumulátor oprez baterija češalj ulje punjenje rezilo glavnik polnjenje olje čiščenje
akkumulátor oprez baterija češalj ulje punjenje rezilo glavnik polnjenje olje čiščenje naprava varnost uporaba
češalj ulje punjenje rezilo glavnik polnjenje olje čiščenje naprava varnost uporaba Прибор режим ножи
rezilo glavnik polnjenje olje čiščenje naprava varnost uporaba Прибор режим ножи гребень зарядка чистка
olje čiščenje naprava varnost uporaba Прибор режим ножи гребень зарядка чистка масло инструкция kábel
varnost uporaba Прибор режим ножи гребень зарядка чистка масло инструкция kábel penge töltés hajvágó
режим ножи гребень зарядка чистка масло инструкция kábel penge töltés hajvágó olaj kefe akkumulátor
зарядка чистка масло инструкция kábel penge töltés hajvágó olaj kefe akkumulátor oprez baterija češalj
инструкция kábel penge töltés hajvágó olaj kefe akkumulátor oprez baterija češalj ulje punjenje rezilo
5. töltés hajvágó olaj kefe akkumulátor oprez baterija češalj ulje punjenje rezilo glavnik polnjenje olje
kefe akkumulátor oprez baterija češalj ulje punjenje rezilo glavnik polnjenje olje čiščenje naprava varnost
baterija češalj ulje punjenje rezilo glavnik polnjenje olje čiščenje naprava varnost uporaba Прибор режим
punjenje rezilo glavnik polnjenje olje čiščenje naprava varnost uporaba Прибор режим ножи гребень зарядка
polnjenje olje čiščenje naprava varnost uporaba Прибор режим ножи гребень зарядка чистка масло инструкция
naprava varnost uporaba Прибор режим ножи гребень зарядка чистка масло инструкция kábel penge töltés
Прибор режим ножи гребень зарядка чистка масло инструкция kábel penge töltés hajvágó olaj kefe
гребень зарядка чистка масло инструкция kábel penge töltés hajvágó olaj kefe akkumulátor oprez baterija
масло инструкция kábel penge töltés hajvágó olaj kefe akkumulátor oprez baterija češalj ulje punjenje
Prije uporabe aparata pažljivo pročitajte upute za uporabu.
1. punjenje rezilo glavnik polnjenje olje čiščenje naprava varnost uporaba Прибор режим ножи гребень зарядка
polnjenje olje čiščenje naprava varnost uporaba Прибор режим ножи гребень зарядка чистка масло инструкция
naprava varnost uporaba Прибор режим ножи гребень зарядка чистка масло инструкция kábel penge töltés
Прибор режим ножи гребень зарядка чистка масло инструкция kábel penge töltés hajvágó olaj kefe
гребень зарядка чистка масло инструкция kábel penge töltés hajvágó olaj kefe akkumulátor oprez baterija
масло инструкция kábel penge töltés hajvágó olaj kefe akkumulátor oprez baterija češalj ulje punjenje
penge töltés hajvágó olaj kefe akkumulátor oprez baterija češalj ulje punjenje rezilo glavnik polnjenje
olaj kefe akkumulátor oprez baterija češalj ulje punjenje rezilo glavnik polnjenje olje čiščenje naprava
oprez baterija češalj ulje punjenje rezilo glavnik polnjenje olje čiščenje naprava varnost uporaba Прибор
2. ulje punjenje rezilo glavnik polnjenje olje čiščenje naprava varnost uporaba Прибор режим ножи гребень
glavnik polnjenje olje čiščenje naprava varnost uporaba Прибор режим ножи гребень зарядка чистка масло
čiščenje naprava varnost uporaba Прибор режим ножи гребень зарядка чистка масло инструкция kábel penge
uporaba Прибор режим ножи гребень зарядка чистка масло инструкция kábel penge töltés hajvágó olaj
ножи гребень зарядка чистка масло инструкция kábel penge töltés hajvágó olaj kefe akkumulátor oprez
чистка масло инструкция kábel penge töltés hajvágó olaj kefe akkumulátor oprez baterija češalj ulje
kábel penge töltés hajvágó olaj kefe akkumulátor oprez baterija češalj ulje punjenje rezilo glavnik
hajvágó olaj kefe akkumulátor oprez baterija češalj ulje punjenje rezilo glavnik polnjenje olje čiščenje
akkumulátor oprez baterija češalj ulje punjenje rezilo glavnik polnjenje olje čiščenje naprava varnost uporaba
3. češalj ulje punjenje rezilo glavnik polnjenje olje čiščenje naprava varnost uporaba Прибор режим ножи
rezilo glavnik polnjenje olje čiščenje naprava varnost uporaba Прибор режим ножи гребень зарядка чистка
olje čiščenje naprava varnost uporaba Прибор режим ножи гребень зарядка чистка масло инструкция kábel
varnost uporaba Прибор режим ножи гребень зарядка чистка масло инструкция kábel penge töltés hajvágó
режим ножи гребень зарядка чистка масло инструкция kábel penge töltés hajvágó olaj kefe akkumulátor
зарядка чистка масло инструкция kábel penge töltés hajvágó olaj kefe akkumulátor oprez baterija češalj
инструкция kábel penge töltés hajvágó olaj kefe akkumulátor oprez baterija češalj ulje punjenje rezilo
töltés hajvágó olaj kefe akkumulátor oprez baterija češalj ulje punjenje rezilo glavnik polnjenje olje
kefe akkumulátor oprez baterija češalj ulje punjenje rezilo glavnik polnjenje olje čiščenje naprava varnost
4. baterija češalj ulje punjenje rezilo glavnik polnjenje olje čiščenje naprava varnost uporaba Прибор режим
punjenje rezilo glavnik polnjenje olje čiščenje naprava varnost uporaba Прибор режим ножи гребень зарядка
polnjenje olje čiščenje naprava varnost uporaba Прибор режим ножи гребень зарядка чистка масло инструкция
naprava varnost uporaba Прибор режим ножи гребень зарядка чистка масло инструкция kábel penge töltés
Прибор режим ножи гребень зарядка чистка масло инструкция kábel penge töltés hajvágó olaj kefe
гребень зарядка чистка масло инструкция kábel penge töltés hajvágó olaj kefe akkumulátor oprez baterija
масло инструкция kábel penge töltés hajvágó olaj kefe akkumulátor oprez baterija češalj ulje punjenje
penge töltés hajvágó olaj kefe akkumulátor oprez baterija češalj ulje punjenje rezilo glavnik polnjenje
olaj kefe akkumulátor oprez baterija češalj ulje punjenje rezilo glavnik polnjenje olje čiščenje naprava
5. oprez baterija češalj ulje punjenje rezilo glavnik polnjenje olje čiščenje naprava varnost uporaba Прибор
ulje punjenje rezilo glavnik polnjenje olje čiščenje naprava varnost uporaba Прибор режим ножи гребень
glavnik polnjenje olje čiščenje naprava varnost uporaba Прибор режим ножи гребень зарядка чистка масло
čiščenje naprava varnost uporaba Прибор режим ножи гребень зарядка чистка масло инструкция kábel penge
uporaba Прибор режим ножи гребень зарядка чистка масло инструкция kábel penge töltés hajvágó olaj
ножи гребень зарядка чистка масло инструкция kábel penge töltés hajvágó olaj kefe akkumulátor oprez
чистка масло инструкция kábel penge töltés hajvágó olaj kefe akkumulátor oprez baterija češalj ulje
kábel penge töltés hajvágó olaj kefe akkumulátor oprez baterija češalj ulje punjenje rezilo glavnik
hajvágó olaj kefe akkumulátor oprez baterija češalj ulje punjenje rezilo glavnik polnjenje olje čiščenje
Prije uporabe aparata pažljivo pročitajte upute za uporabu.
1. čiščenje naprava varnost uporaba Прибор режим ножи гребень зарядка чистка масло инструкция kábel penge
uporaba Прибор режим ножи гребень зарядка чистка масло инструкция kábel penge töltés hajvágó olaj
ножи гребень зарядка чистка масло инструкция kábel penge töltés hajvágó olaj kefe akkumulátor oprez
чистка масло инструкция kábel penge töltés hajvágó olaj kefe akkumulátor oprez baterija češalj ulje
kábel penge töltés hajvágó olaj kefe akkumulátor oprez baterija češalj ulje punjenje rezilo glavnik
hajvágó olaj kefe akkumulátor oprez baterija češalj ulje punjenje rezilo glavnik polnjenje olje čiščenje
akkumulátor oprez baterija češalj ulje punjenje rezilo glavnik polnjenje olje čiščenje naprava varnost uporaba
češalj ulje punjenje rezilo glavnik polnjenje olje čiščenje naprava varnost uporaba Прибор режим ножи
rezilo glavnik polnjenje olje čiščenje naprava varnost uporaba Прибор режим ножи гребень зарядка чистка
2. olje čiščenje naprava varnost uporaba Прибор режим ножи гребень зарядка чистка масло инструкция kábel
varnost uporaba Прибор режим ножи гребень зарядка чистка масло инструкция kábel penge töltés hajvágó
режим ножи гребень зарядка чистка масло инструкция kábel penge töltés hajvágó olaj kefe akkumulátor
зарядка чистка масло инструкция kábel penge töltés hajvágó olaj kefe akkumulátor oprez baterija češalj
инструкция kábel penge töltés hajvágó olaj kefe akkumulátor oprez baterija češalj ulje punjenje rezilo
töltés hajvágó olaj kefe akkumulátor oprez baterija češalj ulje punjenje rezilo glavnik polnjenje olje
kefe akkumulátor oprez baterija češalj ulje punjenje rezilo glavnik polnjenje olje čiščenje naprava varnost
baterija češalj ulje punjenje rezilo glavnik polnjenje olje čiščenje naprava varnost uporaba Прибор режим
punjenje rezilo glavnik polnjenje olje čiščenje naprava varnost uporaba Прибор режим ножи гребень зарядка
3. polnjenje olje čiščenje naprava varnost uporaba Прибор режим ножи гребень зарядка чистка масло инструкция
naprava varnost uporaba Прибор режим ножи гребень зарядка чистка масло инструкция kábel penge töltés
Прибор режим ножи гребень зарядка чистка масло инструкция kábel penge töltés hajvágó olaj kefe
гребень зарядка чистка масло инструкция kábel penge töltés hajvágó olaj kefe akkumulátor oprez baterija
масло инструкция kábel penge töltés hajvágó olaj kefe akkumulátor oprez baterija češalj ulje punjenje
penge töltés hajvágó olaj kefe akkumulátor oprez baterija češalj ulje punjenje rezilo glavnik polnjenje
olaj kefe akkumulátor oprez baterija češalj ulje punjenje rezilo glavnik polnjenje olje čiščenje naprava
oprez baterija češalj ulje punjenje rezilo glavnik polnjenje olje čiščenje naprava varnost uporaba Прибор
ulje punjenje rezilo glavnik polnjenje olje čiščenje naprava varnost uporaba Прибор режим ножи гребень
4. glavnik polnjenje olje čiščenje naprava varnost uporaba Прибор режим ножи гребень зарядка чистка масло
čiščenje naprava varnost uporaba Прибор режим ножи гребень зарядка чистка масло инструкция kábel penge
uporaba Прибор режим ножи гребень зарядка чистка масло инструкция kábel penge töltés hajvágó olaj
ножи гребень зарядка чистка масло инструкция kábel penge töltés hajvágó olaj kefe akkumulátor oprez
чистка масло инструкция kábel penge töltés hajvágó olaj kefe akkumulátor oprez baterija češalj ulje
kábel penge töltés hajvágó olaj kefe akkumulátor oprez baterija češalj ulje punjenje rezilo glavnik
hajvágó olaj kefe akkumulátor oprez baterija češalj ulje punjenje rezilo glavnik polnjenje olje čiščenje
akkumulátor oprez baterija češalj ulje punjenje rezilo glavnik polnjenje olje čiščenje naprava varnost uporaba
češalj ulje punjenje rezilo glavnik polnjenje olje čiščenje naprava varnost uporaba Прибор режим ножи
5. rezilo glavnik polnjenje olje čiščenje naprava varnost uporaba Прибор режим ножи гребень зарядка чистка
olje čiščenje naprava varnost uporaba Прибор режим ножи гребень зарядка чистка масло инструкция kábel
varnost uporaba Прибор режим ножи гребень зарядка чистка масло инструкция kábel penge töltés hajvágó
режим ножи гребень зарядка чистка масло инструкция kábel penge töltés hajvágó olaj kefe akkumulátor
зарядка чистка масло инструкция kábel penge töltés hajvágó olaj kefe akkumulátor oprez baterija češalj
инструкция kábel penge töltés hajvágó olaj kefe akkumulátor oprez baterija češalj ulje punjenje rezilo
töltés hajvágó olaj kefe akkumulátor oprez baterija češalj ulje punjenje rezilo glavnik polnjenje olje
kefe akkumulátor oprez baterija češalj ulje punjenje rezilo glavnik polnjenje olje čiščenje naprava varnost
baterija češalj ulje punjenje rezilo glavnik polnjenje olje čiščenje naprava varnost uporaba Прибор режим
Prije uporabe aparata pažljivo pročitajte upute za uporabu.
1. режим ножи гребень зарядка чистка масло инструкция kábel penge töltés hajvágó olaj kefe akkumulátor
зарядка чистка масло инструкция kábel penge töltés hajvágó olaj kefe akkumulátor oprez baterija češalj
инструкция kábel penge töltés hajvágó olaj kefe akkumulátor oprez baterija češalj ulje punjenje rezilo
töltés hajvágó olaj kefe akkumulátor oprez baterija češalj ulje punjenje rezilo glavnik polnjenje olje
kefe akkumulátor oprez baterija češalj ulje punjenje rezilo glavnik polnjenje olje čiščenje naprava varnost
baterija češalj ulje punjenje rezilo glavnik polnjenje olje čiščenje naprava varnost uporaba Прибор режим
punjenje rezilo glavnik polnjenje olje čiščenje naprava varnost uporaba Прибор режим ножи гребень зарядка
polnjenje olje čiščenje naprava varnost uporaba Прибор режим ножи гребень зарядка чистка масло инструкция
naprava varnost uporaba Прибор режим ножи гребень зарядка чистка масло инструкция kábel penge töltés
2. Прибор режим ножи гребень зарядка чистка масло инструкция kábel penge töltés hajvágó olaj kefe
гребень зарядка чистка масло инструкция kábel penge töltés hajvágó olaj kefe akkumulátor oprez baterija
масло инструкция kábel penge töltés hajvágó olaj kefe akkumulátor oprez baterija češalj ulje punjenje
penge töltés hajvágó olaj kefe akkumulátor oprez baterija češalj ulje punjenje rezilo glavnik polnjenje
olaj kefe akkumulátor oprez baterija češalj ulje punjenje rezilo glavnik polnjenje olje čiščenje naprava
oprez baterija češalj ulje punjenje rezilo glavnik polnjenje olje čiščenje naprava varnost uporaba Прибор
ulje punjenje rezilo glavnik polnjenje olje čiščenje naprava varnost uporaba Прибор режим ножи гребень
glavnik polnjenje olje čiščenje naprava varnost uporaba Прибор режим ножи гребень зарядка чистка масло
čiščenje naprava varnost uporaba Прибор режим ножи гребень зарядка чистка масло инструкция kábel penge
3. uporaba Прибор режим ножи гребень зарядка чистка масло инструкция kábel penge töltés hajvágó olaj
ножи гребень зарядка чистка масло инструкция kábel penge töltés hajvágó olaj kefe akkumulátor oprez
чистка масло инструкция kábel penge töltés hajvágó olaj kefe akkumulátor oprez baterija češalj ulje
kábel penge töltés hajvágó olaj kefe akkumulátor oprez baterija češalj ulje punjenje rezilo glavnik
hajvágó olaj kefe akkumulátor oprez baterija češalj ulje punjenje rezilo glavnik polnjenje olje čiščenje
akkumulátor oprez baterija češalj ulje punjenje rezilo glavnik polnjenje olje čiščenje naprava varnost uporaba
češalj ulje punjenje rezilo glavnik polnjenje olje čiščenje naprava varnost uporaba Прибор режим ножи
rezilo glavnik polnjenje olje čiščenje naprava varnost uporaba Прибор режим ножи гребень зарядка чистка
olje čiščenje naprava varnost uporaba Прибор режим ножи гребень зарядка чистка масло инструкция kábel
4. varnost uporaba Прибор режим ножи гребень зарядка чистка масло инструкция kábel penge töltés hajvágó
режим ножи гребень зарядка чистка масло инструкция kábel penge töltés hajvágó olaj kefe akkumulátor
зарядка чистка масло инструкция kábel penge töltés hajvágó olaj kefe akkumulátor oprez baterija češalj
инструкция kábel penge töltés hajvágó olaj kefe akkumulátor oprez baterija češalj ulje punjenje rezilo
töltés hajvágó olaj kefe akkumulátor oprez baterija češalj ulje punjenje rezilo glavnik polnjenje olje
kefe akkumulátor oprez baterija češalj ulje punjenje rezilo glavnik polnjenje olje čiščenje naprava varnost
baterija češalj ulje punjenje rezilo glavnik polnjenje olje čiščenje naprava varnost uporaba Прибор режим
punjenje rezilo glavnik polnjenje olje čiščenje naprava varnost uporaba Прибор режим ножи гребень зарядка
polnjenje olje čiščenje naprava varnost uporaba Прибор режим ножи гребень зарядка чистка масло инструкция
5. naprava varnost uporaba Прибор режим ножи гребень зарядка чистка масло инструкция kábel penge töltés
Прибор режим ножи гребень зарядка чистка масло инструкция kábel penge töltés hajvágó olaj kefe
гребень зарядка чистка масло инструкция kábel penge töltés hajvágó olaj kefe akkumulátor oprez baterija
масло инструкция kábel penge töltés hajvágó olaj kefe akkumulátor oprez baterija češalj ulje punjenje
penge töltés hajvágó olaj kefe akkumulátor oprez baterija češalj ulje punjenje rezilo glavnik polnjenje
olaj kefe akkumulátor oprez baterija češalj ulje punjenje rezilo glavnik polnjenje olje čiščenje naprava
oprez baterija češalj ulje punjenje rezilo glavnik polnjenje olje čiščenje naprava varnost uporaba Прибор
ulje punjenje rezilo glavnik polnjenje olje čiščenje naprava varnost uporaba Прибор режим ножи гребень
glavnik polnjenje olje čiščenje naprava varnost uporaba Прибор режим ножи гребень зарядка чистка масло
Pred uporabo aparata pozorno preberite navodila za uporabo.
1. glavnik polnjenje olje čiščenje naprava varnost uporaba Прибор режим ножи гребень зарядка чистка масло
čiščenje naprava varnost uporaba Прибор режим ножи гребень зарядка чистка масло инструкция kábel penge
uporaba Прибор режим ножи гребень зарядка чистка масло инструкция kábel penge töltés hajvágó olaj
ножи гребень зарядка чистка масло инструкция kábel penge töltés hajvágó olaj kefe akkumulátor oprez
чистка масло инструкция kábel penge töltés hajvágó olaj kefe akkumulátor oprez baterija češalj ulje
kábel penge töltés hajvágó olaj kefe akkumulátor oprez baterija češalj ulje punjenje rezilo glavnik
hajvágó olaj kefe akkumulátor oprez baterija češalj ulje punjenje rezilo glavnik polnjenje olje čiščenje
akkumulátor oprez baterija češalj ulje punjenje rezilo glavnik polnjenje olje čiščenje naprava varnost uporaba
češalj ulje punjenje rezilo glavnik polnjenje olje čiščenje naprava varnost uporaba Прибор режим ножи
2. rezilo glavnik polnjenje olje čiščenje naprava varnost uporaba Прибор режим ножи гребень зарядка чистка
olje čiščenje naprava varnost uporaba Прибор режим ножи гребень зарядка чистка масло инструкция kábel
varnost uporaba Прибор режим ножи гребень зарядка чистка масло инструкция kábel penge töltés hajvágó
режим ножи гребень зарядка чистка масло инструкция kábel penge töltés hajvágó olaj kefe akkumulátor
зарядка чистка масло инструкция kábel penge töltés hajvágó olaj kefe akkumulátor oprez baterija češalj
инструкция kábel penge töltés hajvágó olaj kefe akkumulátor oprez baterija češalj ulje punjenje rezilo
töltés hajvágó olaj kefe akkumulátor oprez baterija češalj ulje punjenje rezilo glavnik polnjenje olje
kefe akkumulátor oprez baterija češalj ulje punjenje rezilo glavnik polnjenje olje čiščenje naprava varnost
baterija češalj ulje punjenje rezilo glavnik polnjenje olje čiščenje naprava varnost uporaba Прибор режим
3. punjenje rezilo glavnik polnjenje olje čiščenje naprava varnost uporaba Прибор режим ножи гребень зарядка
polnjenje olje čiščenje naprava varnost uporaba Прибор режим ножи гребень зарядка чистка масло инструкция
naprava varnost uporaba Прибор режим ножи гребень зарядка чистка масло инструкция kábel penge töltés
Прибор режим ножи гребень зарядка чистка масло инструкция kábel penge töltés hajvágó olaj kefe
гребень зарядка чистка масло инструкция kábel penge töltés hajvágó olaj kefe akkumulátor oprez baterija
масло инструкция kábel penge töltés hajvágó olaj kefe akkumulátor oprez baterija češalj ulje punjenje
penge töltés hajvágó olaj kefe akkumulátor oprez baterija češalj ulje punjenje rezilo glavnik polnjenje
olaj kefe akkumulátor oprez baterija češalj ulje punjenje rezilo glavnik polnjenje olje čiščenje naprava
oprez baterija češalj ulje punjenje rezilo glavnik polnjenje olje čiščenje naprava varnost uporaba Прибор
4. ulje punjenje rezilo glavnik polnjenje olje čiščenje naprava varnost uporaba Прибор режим ножи гребень
glavnik polnjenje olje čiščenje naprava varnost uporaba Прибор режим ножи гребень зарядка чистка масло
čiščenje naprava varnost uporaba Прибор режим ножи гребень зарядка чистка масло инструкция kábel penge
uporaba Прибор режим ножи гребень зарядка чистка масло инструкция kábel penge töltés hajvágó olaj
ножи гребень зарядка чистка масло инструкция kábel penge töltés hajvágó olaj kefe akkumulátor oprez
чистка масло инструкция kábel penge töltés hajvágó olaj kefe akkumulátor oprez baterija češalj ulje
kábel penge töltés hajvágó olaj kefe akkumulátor oprez baterija češalj ulje punjenje rezilo glavnik
hajvágó olaj kefe akkumulátor oprez baterija češalj ulje punjenje rezilo glavnik polnjenje olje čiščenje
akkumulátor oprez baterija češalj ulje punjenje rezilo glavnik polnjenje olje čiščenje naprava varnost uporaba
5. češalj ulje punjenje rezilo glavnik polnjenje olje čiščenje naprava varnost uporaba Прибор режим ножи
rezilo glavnik polnjenje olje čiščenje naprava varnost uporaba Прибор режим ножи гребень зарядка чистка
olje čiščenje naprava varnost uporaba Прибор режим ножи гребень зарядка чистка масло инструкция kábel
varnost uporaba Прибор режим ножи гребень зарядка чистка масло инструкция kábel penge töltés hajvágó
режим ножи гребень зарядка чистка масло инструкция kábel penge töltés hajvágó olaj kefe akkumulátor
зарядка чистка масло инструкция kábel penge töltés hajvágó olaj kefe akkumulátor oprez baterija češalj
инструкция kábel penge töltés hajvágó olaj kefe akkumulátor oprez baterija češalj ulje punjenje rezilo
töltés hajvágó olaj kefe akkumulátor oprez baterija češalj ulje punjenje rezilo glavnik polnjenje olje
kefe akkumulátor oprez baterija češalj ulje punjenje rezilo glavnik polnjenje olje čiščenje naprava varnost
6. baterija češalj ulje punjenje rezilo glavnik polnjenje olje čiščenje naprava varnost uporaba Прибор режим
punjenje rezilo glavnik polnjenje olje čiščenje naprava varnost uporaba Прибор режим ножи гребень зарядка
polnjenje olje čiščenje naprava varnost uporaba Прибор режим ножи гребень зарядка чистка масло инструкция
naprava varnost uporaba Прибор режим ножи гребень зарядка чистка масло инструкция kábel penge töltés
Прибор режим ножи гребень зарядка чистка масло инструкция kábel penge töltés hajvágó olaj kefe
гребень зарядка чистка масло инструкция kábel penge töltés hajvágó olaj kefe akkumulátor oprez baterija
Pred uporabo aparata pozorno preberite navodila za uporabo.
1. varnost uporaba Прибор режим ножи гребень зарядка чистка масло инструкция kábel penge töltés hajvágó
режим ножи гребень зарядка чистка масло инструкция kábel penge töltés hajvágó olaj kefe akkumulátor
зарядка чистка масло инструкция kábel penge töltés hajvágó olaj kefe akkumulátor oprez baterija češalj
инструкция kábel penge töltés hajvágó olaj kefe akkumulátor oprez baterija češalj ulje punjenje rezilo
töltés hajvágó olaj kefe akkumulátor oprez baterija češalj ulje punjenje rezilo glavnik polnjenje olje
kefe akkumulátor oprez baterija češalj ulje punjenje rezilo glavnik polnjenje olje čiščenje naprava varnost
baterija češalj ulje punjenje rezilo glavnik polnjenje olje čiščenje naprava varnost uporaba Прибор режим
punjenje rezilo glavnik polnjenje olje čiščenje naprava varnost uporaba Прибор режим ножи гребень зарядка
polnjenje olje čiščenje naprava varnost uporaba Прибор режим ножи гребень зарядка чистка масло инструкция
2. naprava varnost uporaba Прибор режим ножи гребень зарядка чистка масло инструкция kábel penge töltés
Прибор режим ножи гребень зарядка чистка масло инструкция kábel penge töltés hajvágó olaj kefe
гребень зарядка чистка масло инструкция kábel penge töltés hajvágó olaj kefe akkumulátor oprez baterija
масло инструкция kábel penge töltés hajvágó olaj kefe akkumulátor oprez baterija češalj ulje punjenje
penge töltés hajvágó olaj kefe akkumulátor oprez baterija češalj ulje punjenje rezilo glavnik polnjenje
olaj kefe akkumulátor oprez baterija češalj ulje punjenje rezilo glavnik polnjenje olje čiščenje naprava
oprez baterija češalj ulje punjenje rezilo glavnik polnjenje olje čiščenje naprava varnost uporaba Прибор
ulje punjenje rezilo glavnik polnjenje olje čiščenje naprava varnost uporaba Прибор режим ножи гребень
glavnik polnjenje olje čiščenje naprava varnost uporaba Прибор режим ножи гребень зарядка чистка масло
3. čiščenje naprava varnost uporaba Прибор режим ножи гребень зарядка чистка масло инструкция kábel penge
uporaba Прибор режим ножи гребень зарядка чистка масло инструкция kábel penge töltés hajvágó olaj
ножи гребень зарядка чистка масло инструкция kábel penge töltés hajvágó olaj kefe akkumulátor oprez
чистка масло инструкция kábel penge töltés hajvágó olaj kefe akkumulátor oprez baterija češalj ulje
kábel penge töltés hajvágó olaj kefe akkumulátor oprez baterija češalj ulje punjenje rezilo glavnik
hajvágó olaj kefe akkumulátor oprez baterija češalj ulje punjenje rezilo glavnik polnjenje olje čiščenje
akkumulátor oprez baterija češalj ulje punjenje rezilo glavnik polnjenje olje čiščenje naprava varnost uporaba
češalj ulje punjenje rezilo glavnik polnjenje olje čiščenje naprava varnost uporaba Прибор режим ножи
rezilo glavnik polnjenje olje čiščenje naprava varnost uporaba Прибор режим ножи гребень зарядка чистка
4. olje čiščenje naprava varnost uporaba Прибор режим ножи гребень зарядка чистка масло инструкция kábel
varnost uporaba Прибор режим ножи гребень зарядка чистка масло инструкция kábel penge töltés hajvágó
режим ножи гребень зарядка чистка масло инструкция kábel penge töltés hajvágó olaj kefe akkumulátor
зарядка чистка масло инструкция kábel penge töltés hajvágó olaj kefe akkumulátor oprez baterija češalj
инструкция kábel penge töltés hajvágó olaj kefe akkumulátor oprez baterija češalj ulje punjenje rezilo
töltés hajvágó olaj kefe akkumulátor oprez baterija češalj ulje punjenje rezilo glavnik polnjenje olje
kefe akkumulátor oprez baterija češalj ulje punjenje rezilo glavnik polnjenje olje čiščenje naprava varnost
baterija češalj ulje punjenje rezilo glavnik polnjenje olje čiščenje naprava varnost uporaba Прибор режим
punjenje rezilo glavnik polnjenje olje čiščenje naprava varnost uporaba Прибор режим ножи гребень зарядка
5. polnjenje olje čiščenje naprava varnost uporaba Прибор режим ножи гребень зарядка чистка масло инструкция
naprava varnost uporaba Прибор режим ножи гребень зарядка чистка масло инструкция kábel penge töltés
Прибор режим ножи гребень зарядка чистка масло инструкция kábel penge töltés hajvágó olaj kefe
гребень зарядка чистка масло инструкция kábel penge töltés hajvágó olaj kefe akkumulátor oprez baterija
масло инструкция kábel penge töltés hajvágó olaj kefe akkumulátor oprez baterija češalj ulje punjenje
penge töltés hajvágó olaj kefe akkumulátor oprez baterija češalj ulje punjenje rezilo glavnik polnjenje
olaj kefe akkumulátor oprez baterija češalj ulje punjenje rezilo glavnik polnjenje olje čiščenje naprava
oprez baterija češalj ulje punjenje rezilo glavnik polnjenje olje čiščenje naprava varnost uporaba Прибор
ulje punjenje rezilo glavnik polnjenje olje čiščenje naprava varnost uporaba Прибор режим ножи гребень
6. glavnik polnjenje olje čiščenje naprava varnost uporaba Прибор режим ножи гребень зарядка чистка масло
čiščenje naprava varnost uporaba Прибор режим ножи гребень зарядка чистка масло инструкция kábel penge
uporaba Прибор режим ножи гребень зарядка чистка масло инструкция kábel penge töltés hajvágó olaj
ножи гребень зарядка чистка масло инструкция kábel penge töltés hajvágó olaj kefe akkumulátor oprez
чистка масло инструкция kábel penge töltés hajvágó olaj kefe akkumulátor oprez baterija češalj ulje
kábel penge töltés hajvágó olaj kefe akkumulátor oprez baterija češalj ulje punjenje rezilo glavnik
Pred uporabo aparata pozorno preberite navodila za uporabo.
1. гребень зарядка чистка масло инструкция kábel penge töltés hajvágó olaj kefe akkumulátor oprez baterija
масло инструкция kábel penge töltés hajvágó olaj kefe akkumulátor oprez baterija češalj ulje punjenje
penge töltés hajvágó olaj kefe akkumulátor oprez baterija češalj ulje punjenje rezilo glavnik polnjenje
olaj kefe akkumulátor oprez baterija češalj ulje punjenje rezilo glavnik polnjenje olje čiščenje naprava
oprez baterija češalj ulje punjenje rezilo glavnik polnjenje olje čiščenje naprava varnost uporaba Прибор
ulje punjenje rezilo glavnik polnjenje olje čiščenje naprava varnost uporaba Прибор режим ножи гребень
glavnik polnjenje olje čiščenje naprava varnost uporaba Прибор режим ножи гребень зарядка чистка масло
čiščenje naprava varnost uporaba Прибор режим ножи гребень зарядка чистка масло инструкция kábel penge
uporaba Прибор режим ножи гребень зарядка чистка масло инструкция kábel penge töltés hajvágó olaj
2. ножи гребень зарядка чистка масло инструкция kábel penge töltés hajvágó olaj kefe akkumulátor oprez
чистка масло инструкция kábel penge töltés hajvágó olaj kefe akkumulátor oprez baterija češalj ulje
kábel penge töltés hajvágó olaj kefe akkumulátor oprez baterija češalj ulje punjenje rezilo glavnik
hajvágó olaj kefe akkumulátor oprez baterija češalj ulje punjenje rezilo glavnik polnjenje olje čiščenje
akkumulátor oprez baterija češalj ulje punjenje rezilo glavnik polnjenje olje čiščenje naprava varnost uporaba
češalj ulje punjenje rezilo glavnik polnjenje olje čiščenje naprava varnost uporaba Прибор режим ножи
rezilo glavnik polnjenje olje čiščenje naprava varnost uporaba Прибор режим ножи гребень зарядка чистка
olje čiščenje naprava varnost uporaba Прибор режим ножи гребень зарядка чистка масло инструкция kábel
varnost uporaba Прибор режим ножи гребень зарядка чистка масло инструкция kábel penge töltés hajvágó
3. режим ножи гребень зарядка чистка масло инструкция kábel penge töltés hajvágó olaj kefe akkumulátor
зарядка чистка масло инструкция kábel penge töltés hajvágó olaj kefe akkumulátor oprez baterija češalj
инструкция kábel penge töltés hajvágó olaj kefe akkumulátor oprez baterija češalj ulje punjenje rezilo
töltés hajvágó olaj kefe akkumulátor oprez baterija češalj ulje punjenje rezilo glavnik polnjenje olje
kefe akkumulátor oprez baterija češalj ulje punjenje rezilo glavnik polnjenje olje čiščenje naprava varnost
baterija češalj ulje punjenje rezilo glavnik polnjenje olje čiščenje naprava varnost uporaba Прибор режим
punjenje rezilo glavnik polnjenje olje čiščenje naprava varnost uporaba Прибор режим ножи гребень зарядка
polnjenje olje čiščenje naprava varnost uporaba Прибор режим ножи гребень зарядка чистка масло инструкция
naprava varnost uporaba Прибор режим ножи гребень зарядка чистка масло инструкция kábel penge töltés
4. Прибор режим ножи гребень зарядка чистка масло инструкция kábel penge töltés hajvágó olaj kefe
гребень зарядка чистка масло инструкция kábel penge töltés hajvágó olaj kefe akkumulátor oprez baterija
масло инструкция kábel penge töltés hajvágó olaj kefe akkumulátor oprez baterija češalj ulje punjenje
penge töltés hajvágó olaj kefe akkumulátor oprez baterija češalj ulje punjenje rezilo glavnik polnjenje
olaj kefe akkumulátor oprez baterija češalj ulje punjenje rezilo glavnik polnjenje olje čiščenje naprava
oprez baterija češalj ulje punjenje rezilo glavnik polnjenje olje čiščenje naprava varnost uporaba Прибор
ulje punjenje rezilo glavnik polnjenje olje čiščenje naprava varnost uporaba Прибор режим ножи гребень
glavnik polnjenje olje čiščenje naprava varnost uporaba Прибор режим ножи гребень зарядка чистка масло
čiščenje naprava varnost uporaba Прибор режим ножи гребень зарядка чистка масло инструкция kábel penge
5. uporaba Прибор режим ножи гребень зарядка чистка масло инструкция kábel penge töltés hajvágó olaj
ножи гребень зарядка чистка масло инструкция kábel penge töltés hajvágó olaj kefe akkumulátor oprez
чистка масло инструкция kábel penge töltés hajvágó olaj kefe akkumulátor oprez baterija češalj ulje
kábel penge töltés hajvágó olaj kefe akkumulátor oprez baterija češalj ulje punjenje rezilo glavnik
hajvágó olaj kefe akkumulátor oprez baterija češalj ulje punjenje rezilo glavnik polnjenje olje čiščenje
akkumulátor oprez baterija češalj ulje punjenje rezilo glavnik polnjenje olje čiščenje naprava varnost uporaba
češalj ulje punjenje rezilo glavnik polnjenje olje čiščenje naprava varnost uporaba Прибор режим ножи
rezilo glavnik polnjenje olje čiščenje naprava varnost uporaba Прибор режим ножи гребень зарядка чистка
olje čiščenje naprava varnost uporaba Прибор режим ножи гребень зарядка чистка масло инструкция kábel
6. varnost uporaba Прибор режим ножи гребень зарядка чистка масло инструкция kábel penge töltés hajvágó
режим ножи гребень зарядка чистка масло инструкция kábel penge töltés hajvágó olaj kefe akkumulátor
зарядка чистка масло инструкция kábel penge töltés hajvágó olaj kefe akkumulátor oprez baterija češalj
инструкция kábel penge töltés hajvágó olaj kefe akkumulátor oprez baterija češalj ulje punjenje rezilo
töltés hajvágó olaj kefe akkumulátor oprez baterija češalj ulje punjenje rezilo glavnik polnjenje olje
kefe akkumulátor oprez baterija češalj ulje punjenje rezilo glavnik polnjenje olje čiščenje naprava varnost
Pred uporabo aparata pozorno preberite navodila za uporabo.
1. kábel penge töltés hajvágó olaj kefe akkumulátor oprez baterija češalj ulje punjenje rezilo glavnik
hajvágó olaj kefe akkumulátor oprez baterija češalj ulje punjenje rezilo glavnik polnjenje olje čiščenje
akkumulátor oprez baterija češalj ulje punjenje rezilo glavnik polnjenje olje čiščenje naprava varnost uporaba
češalj ulje punjenje rezilo glavnik polnjenje olje čiščenje naprava varnost uporaba Прибор режим ножи
rezilo glavnik polnjenje olje čiščenje naprava varnost uporaba Прибор режим ножи гребень зарядка чистка
olje čiščenje naprava varnost uporaba Прибор режим ножи гребень зарядка чистка масло инструкция kábel
varnost uporaba Прибор режим ножи гребень зарядка чистка масло инструкция kábel penge töltés hajvágó
режим ножи гребень зарядка чистка масло инструкция kábel penge töltés hajvágó olaj kefe akkumulátor
зарядка чистка масло инструкция kábel penge töltés hajvágó olaj kefe akkumulátor oprez baterija češalj
2. инструкция kábel penge töltés hajvágó olaj kefe akkumulátor oprez baterija češalj ulje punjenje rezilo
töltés hajvágó olaj kefe akkumulátor oprez baterija češalj ulje punjenje rezilo glavnik polnjenje olje
kefe akkumulátor oprez baterija češalj ulje punjenje rezilo glavnik polnjenje olje čiščenje naprava varnost
baterija češalj ulje punjenje rezilo glavnik polnjenje olje čiščenje naprava varnost uporaba Прибор режим
punjenje rezilo glavnik polnjenje olje čiščenje naprava varnost uporaba Прибор режим ножи гребень зарядка
polnjenje olje čiščenje naprava varnost uporaba Прибор режим ножи гребень зарядка чистка масло инструкция
naprava varnost uporaba Прибор режим ножи гребень зарядка чистка масло инструкция kábel penge töltés
Прибор режим ножи гребень зарядка чистка масло инструкция kábel penge töltés hajvágó olaj kefe
гребень зарядка чистка масло инструкция kábel penge töltés hajvágó olaj kefe akkumulátor oprez baterija
3. масло инструкция kábel penge töltés hajvágó olaj kefe akkumulátor oprez baterija češalj ulje punjenje
penge töltés hajvágó olaj kefe akkumulátor oprez baterija češalj ulje punjenje rezilo glavnik polnjenje
olaj kefe akkumulátor oprez baterija češalj ulje punjenje rezilo glavnik polnjenje olje čiščenje naprava
oprez baterija češalj ulje punjenje rezilo glavnik polnjenje olje čiščenje naprava varnost uporaba Прибор
ulje punjenje rezilo glavnik polnjenje olje čiščenje naprava varnost uporaba Прибор режим ножи гребень
glavnik polnjenje olje čiščenje naprava varnost uporaba Прибор режим ножи гребень зарядка чистка масло
čiščenje naprava varnost uporaba Прибор режим ножи гребень зарядка чистка масло инструкция kábel penge
uporaba Прибор режим ножи гребень зарядка чистка масло инструкция kábel penge töltés hajvágó olaj
ножи гребень зарядка чистка масло инструкция kábel penge töltés hajvágó olaj kefe akkumulátor oprez
4. чистка масло инструкция kábel penge töltés hajvágó olaj kefe akkumulátor oprez baterija češalj ulje
kábel penge töltés hajvágó olaj kefe akkumulátor oprez baterija češalj ulje punjenje rezilo glavnik
hajvágó olaj kefe akkumulátor oprez baterija češalj ulje punjenje rezilo glavnik polnjenje olje čiščenje
akkumulátor oprez baterija češalj ulje punjenje rezilo glavnik polnjenje olje čiščenje naprava varnost uporaba
češalj ulje punjenje rezilo glavnik polnjenje olje čiščenje naprava varnost uporaba Прибор режим ножи
rezilo glavnik polnjenje olje čiščenje naprava varnost uporaba Прибор режим ножи гребень зарядка чистка
olje čiščenje naprava varnost uporaba Прибор режим ножи гребень зарядка чистка масло инструкция kábel
varnost uporaba Прибор режим ножи гребень зарядка чистка масло инструкция kábel penge töltés hajvágó
режим ножи гребень зарядка чистка масло инструкция kábel penge töltés hajvágó olaj kefe akkumulátor
5. зарядка чистка масло инструкция kábel penge töltés hajvágó olaj kefe akkumulátor oprez baterija češalj
инструкция kábel penge töltés hajvágó olaj kefe akkumulátor oprez baterija češalj ulje punjenje rezilo
töltés hajvágó olaj kefe akkumulátor oprez baterija češalj ulje punjenje rezilo glavnik polnjenje olje
kefe akkumulátor oprez baterija češalj ulje punjenje rezilo glavnik polnjenje olje čiščenje naprava varnost
baterija češalj ulje punjenje rezilo glavnik polnjenje olje čiščenje naprava varnost uporaba Прибор режим
punjenje rezilo glavnik polnjenje olje čiščenje naprava varnost uporaba Прибор режим ножи гребень зарядка
polnjenje olje čiščenje naprava varnost uporaba Прибор режим ножи гребень зарядка чистка масло инструкция
naprava varnost uporaba Прибор режим ножи гребень зарядка чистка масло инструкция kábel penge töltés
Прибор режим ножи гребень зарядка чистка масло инструкция kábel penge töltés hajvágó olaj kefe
6. гребень зарядка чистка масло инструкция kábel penge töltés hajvágó olaj kefe akkumulátor oprez baterija
масло инструкция kábel penge töltés hajvágó olaj kefe akkumulátor oprez baterija češalj ulje punjenje
penge töltés hajvágó olaj kefe akkumulátor oprez baterija češalj ulje punjenje rezilo glavnik polnjenje
olaj kefe akkumulátor oprez baterija češalj ulje punjenje rezilo glavnik polnjenje olje čiščenje naprava
oprez baterija češalj ulje punjenje rezilo glavnik polnjenje olje čiščenje naprava varnost uporaba Прибор
ulje punjenje rezilo glavnik polnjenje olje čiščenje naprava varnost uporaba Прибор режим ножи гребень
